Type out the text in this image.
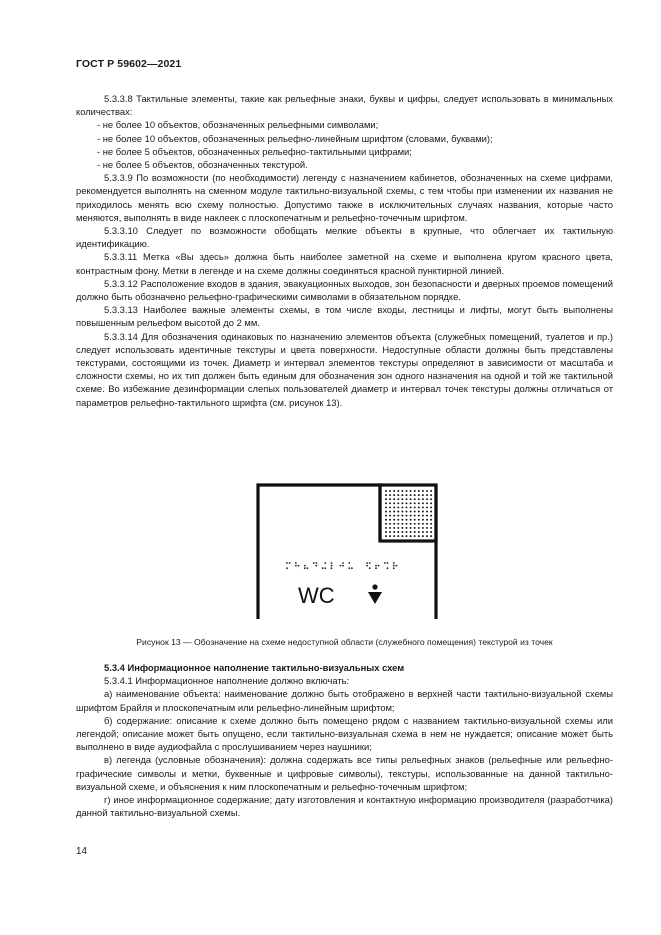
ГОСТ Р 59602—2021

5.3.3.8 Тактильные элементы, такие как рельефные знаки, буквы и цифры, следует использовать в минимальных количествах:

- не более 10 объектов, обозначенных рельефными символами;

- не более 10 объектов, обозначенных рельефно-линейным шрифтом (словами, буквами);

- не более 5 объектов, обозначенных рельефно-тактильными цифрами;

- не более 5 объектов, обозначенных текстурой.

5.3.3.9 По возможности (по необходимости) легенду с назначением кабинетов, обозначенных на схеме цифрами, рекомендуется выполнять на сменном модуле тактильно-визуальной схемы, с тем чтобы при изменении их названия не приходилось менять всю схему полностью. Допустимо также в исключительных случаях названия, которые часто меняются, выполнять в виде наклеек с плоскопечатным и рельефно-точечным шрифтом.

5.3.3.10 Следует по возможности обобщать мелкие объекты в крупные, что облегчает их тактильную идентификацию.

5.3.3.11 Метка «Вы здесь» должна быть наиболее заметной на схеме и выполнена кругом красного цвета, контрастным фону. Метки в легенде и на схеме должны соединяться красной пунктирной линией.

5.3.3.12 Расположение входов в здания, эвакуационных выходов, зон безопасности и дверных проемов помещений должно быть обозначено рельефно-графическими символами в обязательном порядке.

5.3.3.13 Наиболее важные элементы схемы, в том числе входы, лестницы и лифты, могут быть выполнены повышенным рельефом высотой до 2 мм.

5.3.3.14 Для обозначения одинаковых по назначению элементов объекта (служебных помещений, туалетов и пр.) следует использовать идентичные текстуры и цвета поверхности. Недоступные области должны быть представлены текстурами, состоящими из точек. Диаметр и интервал элементов текстуры определяют в зависимости от масштаба и сложности схемы, но их тип должен быть единым для обозначения зон одного назначения на одной и той же тактильной схеме. Во избежание дезинформации слепых пользователей диаметр и интервал точек текстуры должны отличаться от параметров рельефно-тактильного шрифта (см. рисунок 13).

WC
Рисунок 13 — Обозначение на схеме недоступной области (служебного помещения) текстурой из точек

5.3.4 Информационное наполнение тактильно-визуальных схем

5.3.4.1 Информационное наполнение должно включать:

а) наименование объекта: наименование должно быть отображено в верхней части тактильно-визуальной схемы шрифтом Брайля и плоскопечатным или рельефно-линейным шрифтом;

б) содержание: описание к схеме должно быть помещено рядом с названием тактильно-визуальной схемы или легендой; описание может быть опущено, если тактильно-визуальная схема в нем не нуждается; описание может быть выполнено в виде аудиофайла с прослушиванием через наушники;

в) легенда (условные обозначения): должна содержать все типы рельефных знаков (рельефные или рельефно-графические символы и метки, буквенные и цифровые символы), текстуры, использованные на данной тактильно-визуальной схеме, и объяснения к ним плоскопечатным и рельефно-точечным шрифтом;

г) иное информационное содержание; дату изготовления и контактную информацию производителя (разработчика) данной тактильно-визуальной схемы.

14
